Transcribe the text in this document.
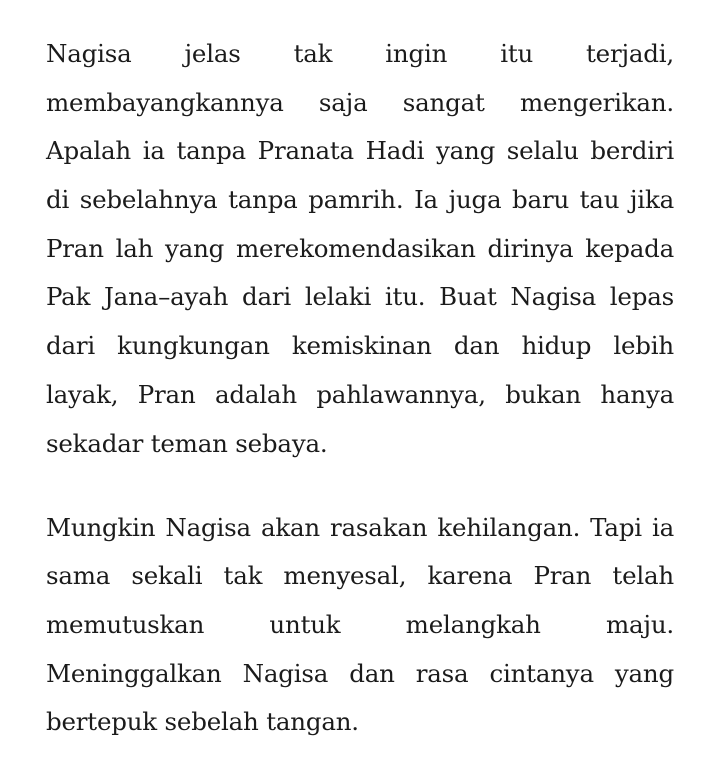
Nagisa jelas tak ingin itu terjadi,
membayangkannya saja sangat mengerikan.
Apalah ia tanpa Pranata Hadi yang selalu berdiri
di sebelahnya tanpa pamrih. Ia juga baru tau jika
Pran lah yang merekomendasikan dirinya kepada
Pak Jana–ayah dari lelaki itu. Buat Nagisa lepas
dari kungkungan kemiskinan dan hidup lebih
layak, Pran adalah pahlawannya, bukan hanya
sekadar teman sebaya.

Mungkin Nagisa akan rasakan kehilangan. Tapi ia
sama sekali tak menyesal, karena Pran telah
memutuskan untuk melangkah maju.
Meninggalkan Nagisa dan rasa cintanya yang
bertepuk sebelah tangan.
